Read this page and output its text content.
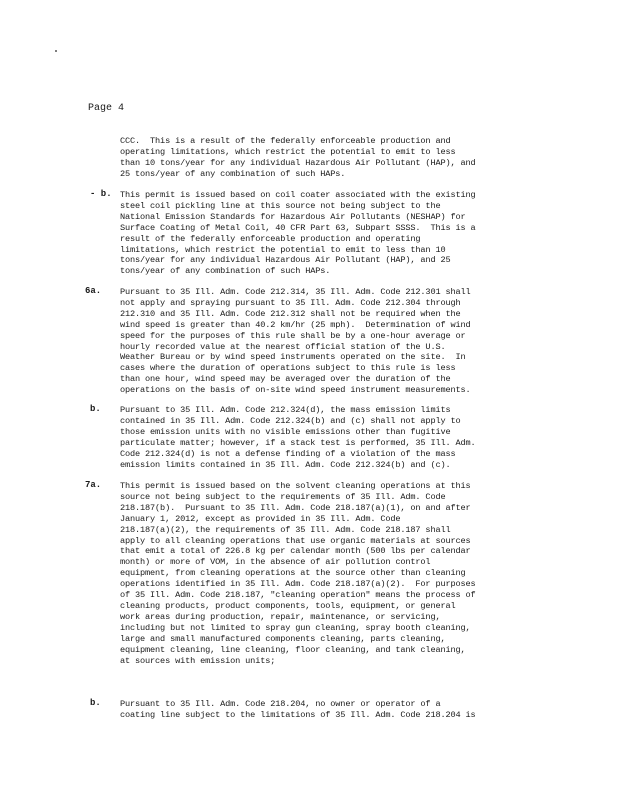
Page 4
CCC.  This is a result of the federally enforceable production and
operating limitations, which restrict the potential to emit to less
than 10 tons/year for any individual Hazardous Air Pollutant (HAP), and
25 tons/year of any combination of such HAPs.
This permit is issued based on coil coater associated with the existing
steel coil pickling line at this source not being subject to the
National Emission Standards for Hazardous Air Pollutants (NESHAP) for
Surface Coating of Metal Coil, 40 CFR Part 63, Subpart SSSS.  This is a
result of the federally enforceable production and operating
limitations, which restrict the potential to emit to less than 10
tons/year for any individual Hazardous Air Pollutant (HAP), and 25
tons/year of any combination of such HAPs.
- b.
Pursuant to 35 Ill. Adm. Code 212.314, 35 Ill. Adm. Code 212.301 shall
not apply and spraying pursuant to 35 Ill. Adm. Code 212.304 through
212.310 and 35 Ill. Adm. Code 212.312 shall not be required when the
wind speed is greater than 40.2 km/hr (25 mph).  Determination of wind
speed for the purposes of this rule shall be by a one-hour average or
hourly recorded value at the nearest official station of the U.S.
Weather Bureau or by wind speed instruments operated on the site.  In
cases where the duration of operations subject to this rule is less
than one hour, wind speed may be averaged over the duration of the
operations on the basis of on-site wind speed instrument measurements.
6a.
Pursuant to 35 Ill. Adm. Code 212.324(d), the mass emission limits
contained in 35 Ill. Adm. Code 212.324(b) and (c) shall not apply to
those emission units with no visible emissions other than fugitive
particulate matter; however, if a stack test is performed, 35 Ill. Adm.
Code 212.324(d) is not a defense finding of a violation of the mass
emission limits contained in 35 Ill. Adm. Code 212.324(b) and (c).
b.
This permit is issued based on the solvent cleaning operations at this
source not being subject to the requirements of 35 Ill. Adm. Code
218.187(b).  Pursuant to 35 Ill. Adm. Code 218.187(a)(1), on and after
January 1, 2012, except as provided in 35 Ill. Adm. Code
218.187(a)(2), the requirements of 35 Ill. Adm. Code 218.187 shall
apply to all cleaning operations that use organic materials at sources
that emit a total of 226.8 kg per calendar month (500 lbs per calendar
month) or more of VOM, in the absence of air pollution control
equipment, from cleaning operations at the source other than cleaning
operations identified in 35 Ill. Adm. Code 218.187(a)(2).  For purposes
of 35 Ill. Adm. Code 218.187, "cleaning operation" means the process of
cleaning products, product components, tools, equipment, or general
work areas during production, repair, maintenance, or servicing,
including but not limited to spray gun cleaning, spray booth cleaning,
large and small manufactured components cleaning, parts cleaning,
equipment cleaning, line cleaning, floor cleaning, and tank cleaning,
at sources with emission units;
7a.
Pursuant to 35 Ill. Adm. Code 218.204, no owner or operator of a
coating line subject to the limitations of 35 Ill. Adm. Code 218.204 is
b.
